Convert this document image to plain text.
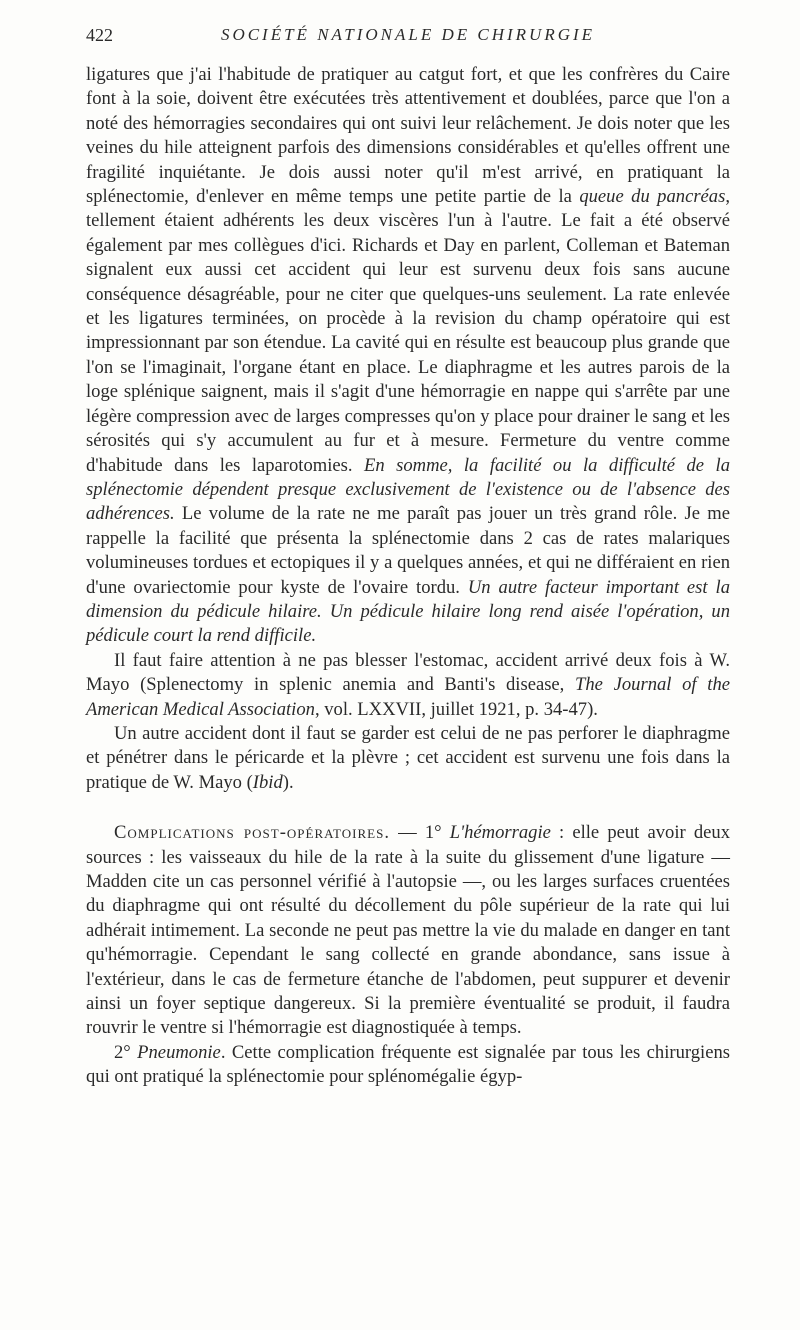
422	SOCIÉTÉ NATIONALE DE CHIRURGIE

ligatures que j'ai l'habitude de pratiquer au catgut fort, et que les confrères du Caire font à la soie, doivent être exécutées très attentivement et doublées, parce que l'on a noté des hémorragies secondaires qui ont suivi leur relâchement. Je dois noter que les veines du hile atteignent parfois des dimensions considérables et qu'elles offrent une fragilité inquiétante. Je dois aussi noter qu'il m'est arrivé, en pratiquant la splénectomie, d'enlever en même temps une petite partie de la queue du pancréas, tellement étaient adhérents les deux viscères l'un à l'autre. Le fait a été observé également par mes collègues d'ici. Richards et Day en parlent, Colleman et Bateman signalent eux aussi cet accident qui leur est survenu deux fois sans aucune conséquence désagréable, pour ne citer que quelques-uns seulement. La rate enlevée et les ligatures terminées, on procède à la revision du champ opératoire qui est impressionnant par son étendue. La cavité qui en résulte est beaucoup plus grande que l'on se l'imaginait, l'organe étant en place. Le diaphragme et les autres parois de la loge splénique saignent, mais il s'agit d'une hémorragie en nappe qui s'arrête par une légère compression avec de larges compresses qu'on y place pour drainer le sang et les sérosités qui s'y accumulent au fur et à mesure. Fermeture du ventre comme d'habitude dans les laparotomies. En somme, la facilité ou la difficulté de la splénectomie dépendent presque exclusivement de l'existence ou de l'absence des adhérences. Le volume de la rate ne me paraît pas jouer un très grand rôle. Je me rappelle la facilité que présenta la splénectomie dans 2 cas de rates malariques volumineuses tordues et ectopiques il y a quelques années, et qui ne différaient en rien d'une ovariectomie pour kyste de l'ovaire tordu. Un autre facteur important est la dimension du pédicule hilaire. Un pédicule hilaire long rend aisée l'opération, un pédicule court la rend difficile.

Il faut faire attention à ne pas blesser l'estomac, accident arrivé deux fois à W. Mayo (Splenectomy in splenic anemia and Banti's disease, The Journal of the American Medical Association, vol. LXXVII, juillet 1921, p. 34-47).

Un autre accident dont il faut se garder est celui de ne pas perforer le diaphragme et pénétrer dans le péricarde et la plèvre ; cet accident est survenu une fois dans la pratique de W. Mayo (Ibid).

Complications post-opératoires. — 1° L'hémorragie : elle peut avoir deux sources : les vaisseaux du hile de la rate à la suite du glissement d'une ligature — Madden cite un cas personnel vérifié à l'autopsie —, ou les larges surfaces cruentées du diaphragme qui ont résulté du décollement du pôle supérieur de la rate qui lui adhérait intimement. La seconde ne peut pas mettre la vie du malade en danger en tant qu'hémorragie. Cependant le sang collecté en grande abondance, sans issue à l'extérieur, dans le cas de fermeture étanche de l'abdomen, peut suppurer et devenir ainsi un foyer septique dangereux. Si la première éventualité se produit, il faudra rouvrir le ventre si l'hémorragie est diagnostiquée à temps.

2° Pneumonie. Cette complication fréquente est signalée par tous les chirurgiens qui ont pratiqué la splénectomie pour splénomégalie égyp-
